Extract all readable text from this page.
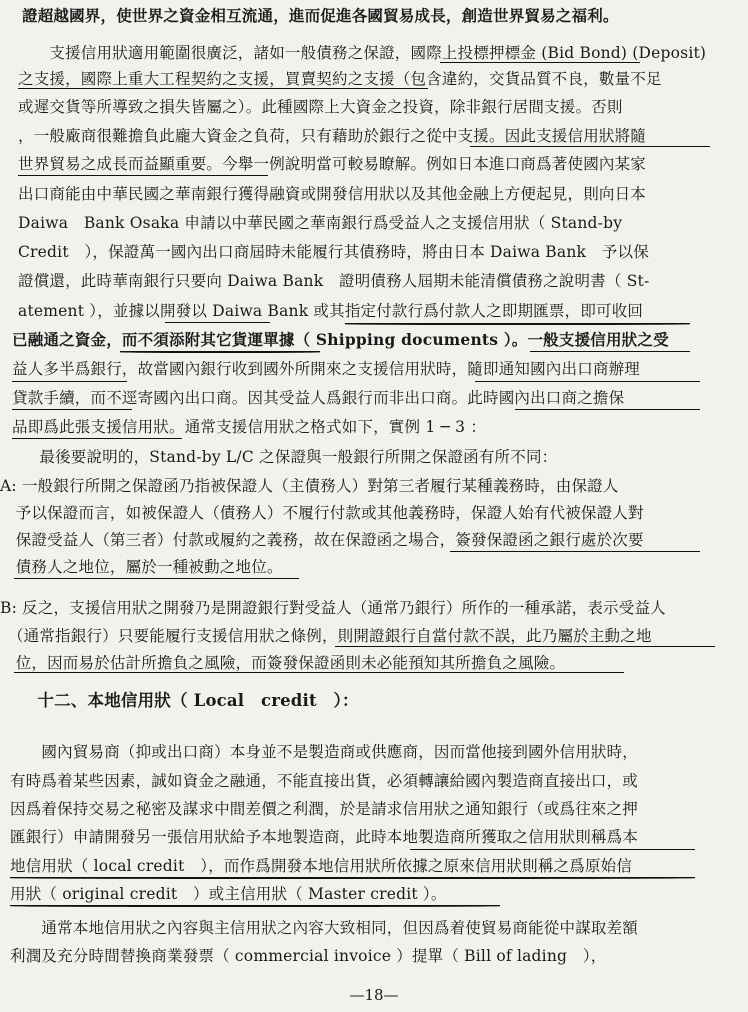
證超越國界，使世界之資金相互流通，進而促進各國貿易成長，創造世界貿易之福利。
　　支援信用狀適用範圍很廣泛，諸如一般債務之保證，國際上投標押標金 (Bid Bond) (Deposit)
之支援，國際上重大工程契約之支援，買賣契約之支援（包含違約，交貨品質不良，數量不足
或遲交貨等所導致之損失皆屬之）。此種國際上大資金之投資，除非銀行居間支援。否則
，一般廠商很難擔負此龐大資金之負荷，只有藉助於銀行之從中支援。因此支援信用狀將隨
世界貿易之成長而益顯重要。今舉一例說明當可較易瞭解。例如日本進口商爲著使國內某家
出口商能由中華民國之華南銀行獲得融資或開發信用狀以及其他金融上方便起見，則向日本
Daiwa　Bank Osaka 申請以中華民國之華南銀行爲受益人之支援信用狀（ Stand-by
Credit　），保證萬一國內出口商屆時未能履行其債務時，將由日本 Daiwa Bank　予以保
證償還，此時華南銀行只要向 Daiwa Bank　證明債務人屆期未能清償債務之說明書（ St-
atement ），並據以開發以 Daiwa Bank 或其指定付款行爲付款人之即期匯票，即可收回
已融通之資金，而不須添附其它貨運單據（ Shipping documents ）。一般支援信用狀之受
益人多半爲銀行，故當國內銀行收到國外所開來之支援信用狀時，隨即通知國內出口商辦理
貸款手續，而不逕寄國內出口商。因其受益人爲銀行而非出口商。此時國內出口商之擔保
品即爲此張支援信用狀。通常支援信用狀之格式如下，實例 1 ─ 3 ：
　　最後要說明的，Stand-by L/C 之保證與一般銀行所開之保證函有所不同：
A: 一般銀行所開之保證函乃指被保證人（主債務人）對第三者履行某種義務時，由保證人
　予以保證而言，如被保證人（債務人）不履行付款或其他義務時，保證人始有代被保證人對
　保證受益人（第三者）付款或履約之義務，故在保證函之場合，簽發保證函之銀行處於次要
　債務人之地位，屬於一種被動之地位。
B: 反之，支援信用狀之開發乃是開證銀行對受益人（通常乃銀行）所作的一種承諾，表示受益人
　（通常指銀行）只要能履行支援信用狀之條例，則開證銀行自當付款不誤，此乃屬於主動之地
　位，因而易於估計所擔負之風險，而簽發保證函則未必能預知其所擔負之風險。
　　十二、本地信用狀（ Local　credit　）：
　　國內貿易商（抑或出口商）本身並不是製造商或供應商，因而當他接到國外信用狀時，
有時爲着某些因素，誠如資金之融通，不能直接出貨，必須轉讓給國內製造商直接出口，或
因爲着保持交易之秘密及謀求中間差價之利潤，於是請求信用狀之通知銀行（或爲往來之押
匯銀行）申請開發另一張信用狀給予本地製造商，此時本地製造商所獲取之信用狀則稱爲本
地信用狀（ local credit　），而作爲開發本地信用狀所依據之原來信用狀則稱之爲原始信
用狀（ original credit　）或主信用狀（ Master credit ）。
　　通常本地信用狀之內容與主信用狀之內容大致相同，但因爲着使貿易商能從中謀取差額
利潤及充分時間替換商業發票（ commercial invoice ）提單（ Bill of lading　），
—18—
